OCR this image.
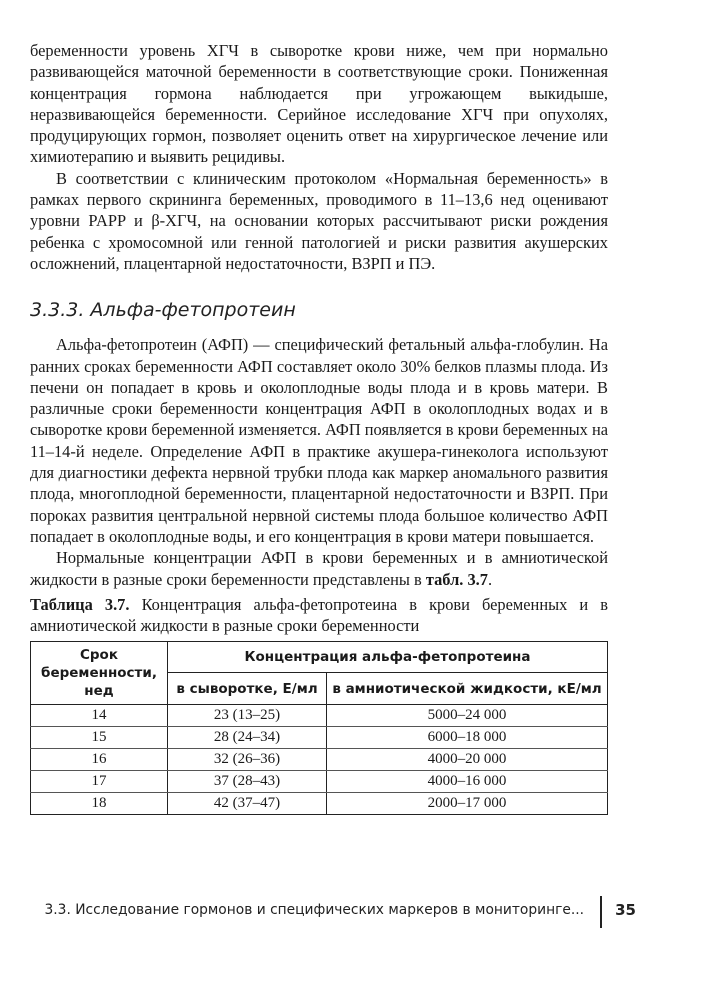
беременности уровень ХГЧ в сыворотке крови ниже, чем при нормально развивающейся маточной беременности в соответствующие сроки. Пониженная концентрация гормона наблюдается при угрожающем выкидыше, неразвивающейся беременности. Серийное исследование ХГЧ при опухолях, продуцирующих гормон, позволяет оценить ответ на хирургическое лечение или химиотерапию и выявить рецидивы.

В соответствии с клиническим протоколом «Нормальная беременность» в рамках первого скрининга беременных, проводимого в 11–13,6 нед оценивают уровни PAPP и β-ХГЧ, на основании которых рассчитывают риски рождения ребенка с хромосомной или генной патологией и риски развития акушерских осложнений, плацентарной недостаточности, ВЗРП и ПЭ.

3.3.3. Альфа-фетопротеин

Альфа-фетопротеин (АФП) — специфический фетальный альфа-глобулин. На ранних сроках беременности АФП составляет около 30% белков плазмы плода. Из печени он попадает в кровь и околоплодные воды плода и в кровь матери. В различные сроки беременности концентрация АФП в околоплодных водах и в сыворотке крови беременной изменяется. АФП появляется в крови беременных на 11–14-й неделе. Определение АФП в практике акушера-гинеколога используют для диагностики дефекта нервной трубки плода как маркер аномального развития плода, многоплодной беременности, плацентарной недостаточности и ВЗРП. При пороках развития центральной нервной системы плода большое количество АФП попадает в околоплодные воды, и его концентрация в крови матери повышается.

Нормальные концентрации АФП в крови беременных и в амниотической жидкости в разные сроки беременности представлены в табл. 3.7.

Таблица 3.7. Концентрация альфа-фетопротеина в крови беременных и в амниотической жидкости в разные сроки беременности
Срок беременности, нед	Концентрация альфа-фетопротеина	
	в сыворотке, Е/мл	в амниотической жидкости, кЕ/мл
14	23 (13–25)	5000–24 000
15	28 (24–34)	6000–18 000
16	32 (26–36)	4000–20 000
17	37 (28–43)	4000–16 000
18	42 (37–47)	2000–17 000
3.3. Исследование гормонов и специфических маркеров в мониторинге... 35
